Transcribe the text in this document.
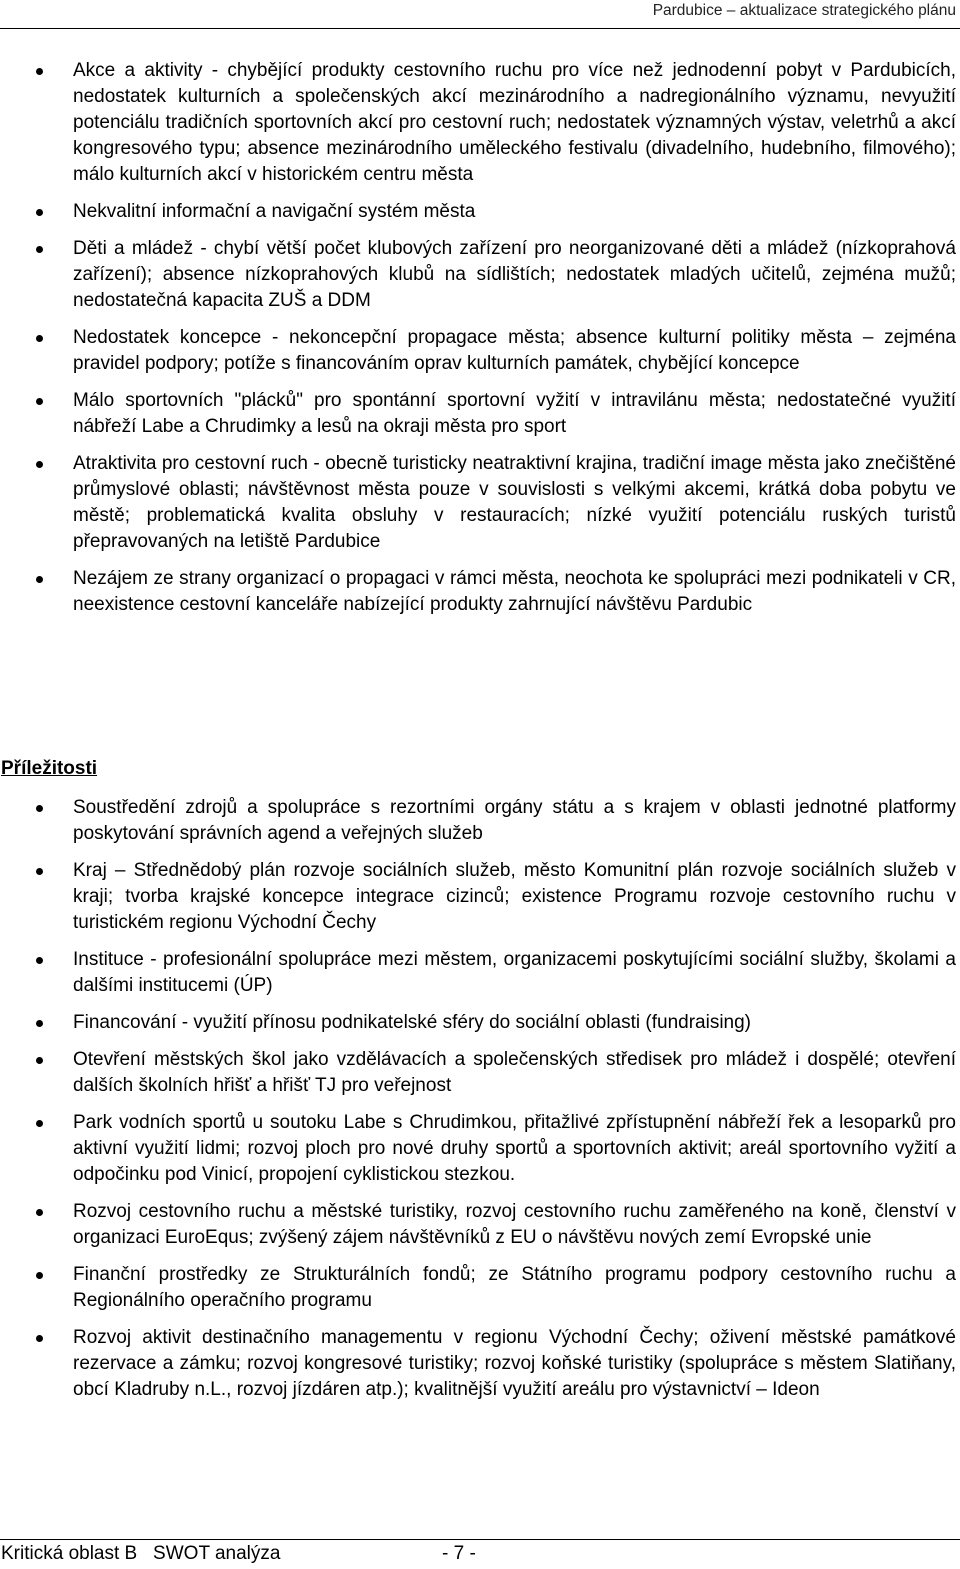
Pardubice – aktualizace strategického plánu
Akce a aktivity - chybějící produkty cestovního ruchu pro více než jednodenní pobyt v Pardubicích, nedostatek kulturních a společenských akcí mezinárodního a nadregionálního významu, nevyužití potenciálu tradičních sportovních akcí pro cestovní ruch; nedostatek významných výstav, veletrhů a akcí kongresového typu; absence mezinárodního uměleckého festivalu (divadelního, hudebního, filmového); málo kulturních akcí v historickém centru města
Nekvalitní informační a navigační systém města
Děti a mládež - chybí větší počet klubových zařízení pro neorganizované děti a mládež (nízkoprahová zařízení); absence nízkoprahových klubů na sídlištích; nedostatek mladých učitelů, zejména mužů; nedostatečná kapacita ZUŠ a DDM
Nedostatek koncepce - nekoncepční propagace města; absence kulturní politiky města – zejména pravidel podpory; potíže s financováním oprav kulturních památek, chybějící koncepce
Málo sportovních "plácků" pro spontánní sportovní vyžití v intravilánu města; nedostatečné využití nábřeží Labe a Chrudimky a lesů na okraji města pro sport
Atraktivita pro cestovní ruch - obecně turisticky neatraktivní krajina, tradiční image města jako znečištěné průmyslové oblasti; návštěvnost města pouze v souvislosti s velkými akcemi, krátká doba pobytu ve městě; problematická kvalita obsluhy v restauracích; nízké využití potenciálu ruských turistů přepravovaných na letiště Pardubice
Nezájem ze strany organizací o propagaci v rámci města, neochota ke spolupráci mezi podnikateli v CR, neexistence cestovní kanceláře nabízející produkty zahrnující návštěvu Pardubic
Příležitosti
Soustředění zdrojů a spolupráce s rezortními orgány státu a s krajem v oblasti jednotné platformy poskytování správních agend a veřejných služeb
Kraj – Střednědobý plán rozvoje sociálních služeb, město Komunitní plán rozvoje sociálních služeb v kraji; tvorba krajské koncepce integrace cizinců; existence Programu rozvoje cestovního ruchu v turistickém regionu Východní Čechy
Instituce - profesionální spolupráce mezi městem, organizacemi poskytujícími sociální služby, školami a dalšími institucemi (ÚP)
Financování - využití přínosu podnikatelské sféry do sociální oblasti (fundraising)
Otevření městských škol jako vzdělávacích a společenských středisek pro mládež i dospělé; otevření dalších školních hřišť a hřišť TJ pro veřejnost
Park vodních sportů u soutoku Labe s Chrudimkou, přitažlivé zpřístupnění nábřeží řek a lesoparků pro aktivní využití lidmi; rozvoj ploch pro nové druhy sportů a sportovních aktivit; areál sportovního vyžití a odpočinku pod Vinicí, propojení cyklistickou stezkou.
Rozvoj cestovního ruchu a městské turistiky, rozvoj cestovního ruchu zaměřeného na koně, členství v organizaci EuroEqus; zvýšený zájem návštěvníků z EU o návštěvu nových zemí Evropské unie
Finanční prostředky ze Strukturálních fondů; ze Státního programu podpory cestovního ruchu a Regionálního operačního programu
Rozvoj aktivit destinačního managementu v regionu Východní Čechy; oživení městské památkové rezervace a zámku; rozvoj kongresové turistiky; rozvoj koňské turistiky (spolupráce s městem Slatiňany, obcí Kladruby n.L., rozvoj jízdáren atp.); kvalitnější využití areálu pro výstavnictví – Ideon
Kritická oblast B   SWOT analýza	- 7 -
